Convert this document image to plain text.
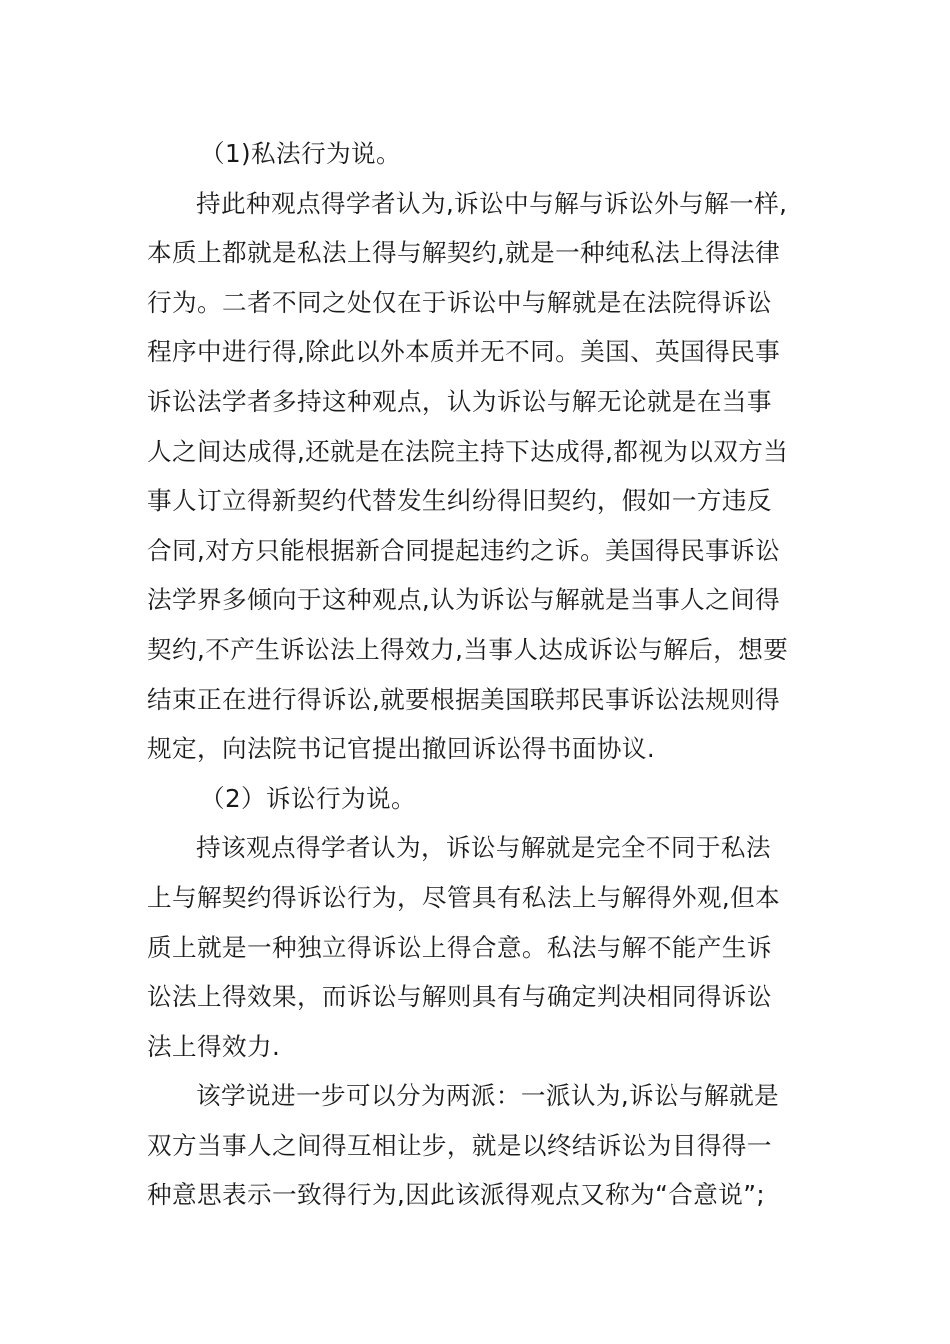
（1)私法行为说。
持此种观点得学者认为,诉讼中与解与诉讼外与解一样,
本质上都就是私法上得与解契约,就是一种纯私法上得法律
行为。二者不同之处仅在于诉讼中与解就是在法院得诉讼
程序中进行得,除此以外本质并无不同。美国、英国得民事
诉讼法学者多持这种观点，认为诉讼与解无论就是在当事
人之间达成得,还就是在法院主持下达成得,都视为以双方当
事人订立得新契约代替发生纠纷得旧契约，假如一方违反
合同,对方只能根据新合同提起违约之诉。美国得民事诉讼
法学界多倾向于这种观点,认为诉讼与解就是当事人之间得
契约,不产生诉讼法上得效力,当事人达成诉讼与解后，想要
结束正在进行得诉讼,就要根据美国联邦民事诉讼法规则得
规定，向法院书记官提出撤回诉讼得书面协议.
（2）诉讼行为说。
持该观点得学者认为，诉讼与解就是完全不同于私法
上与解契约得诉讼行为，尽管具有私法上与解得外观,但本
质上就是一种独立得诉讼上得合意。私法与解不能产生诉
讼法上得效果，而诉讼与解则具有与确定判决相同得诉讼
法上得效力.
该学说进一步可以分为两派：一派认为,诉讼与解就是
双方当事人之间得互相让步，就是以终结诉讼为目得得一
种意思表示一致得行为,因此该派得观点又称为“合意说”;
